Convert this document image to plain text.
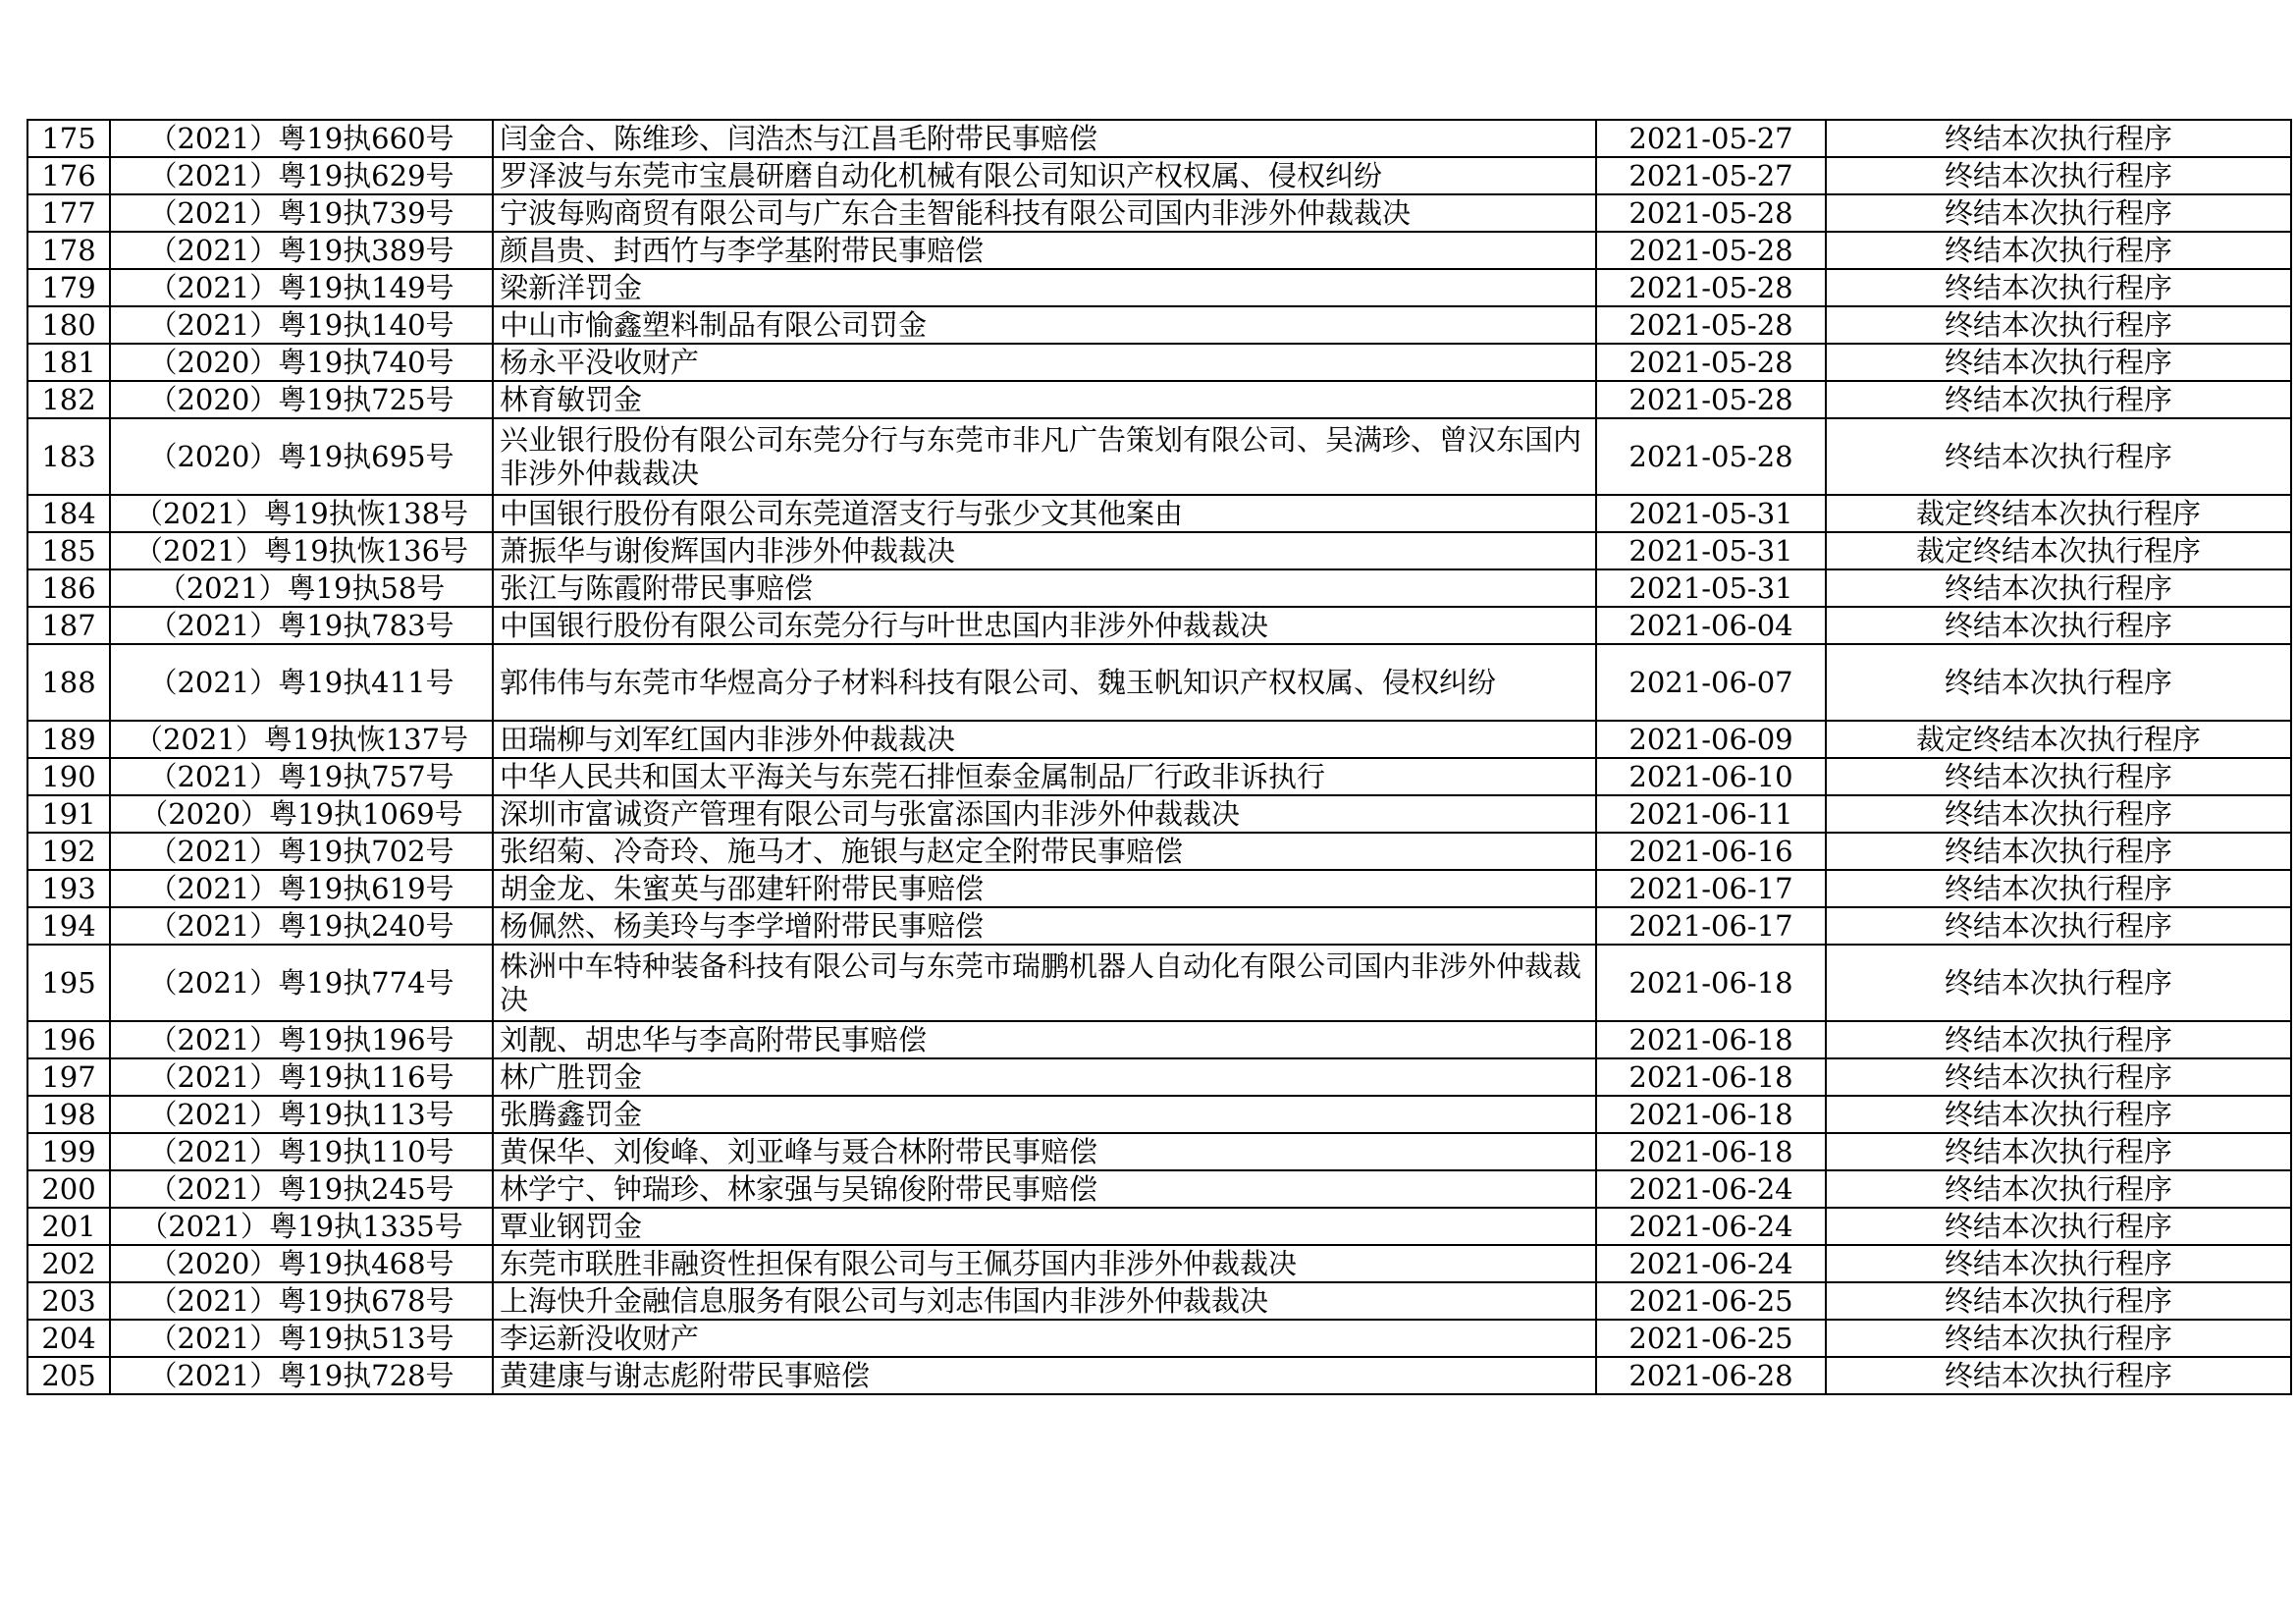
175	（2021）粤19执660号	闫金合、陈维珍、闫浩杰与江昌毛附带民事赔偿	2021-05-27	终结本次执行程序
176	（2021）粤19执629号	罗泽波与东莞市宝晨研磨自动化机械有限公司知识产权权属、侵权纠纷	2021-05-27	终结本次执行程序
177	（2021）粤19执739号	宁波每购商贸有限公司与广东合圭智能科技有限公司国内非涉外仲裁裁决	2021-05-28	终结本次执行程序
178	（2021）粤19执389号	颜昌贵、封西竹与李学基附带民事赔偿	2021-05-28	终结本次执行程序
179	（2021）粤19执149号	梁新洋罚金	2021-05-28	终结本次执行程序
180	（2021）粤19执140号	中山市愉鑫塑料制品有限公司罚金	2021-05-28	终结本次执行程序
181	（2020）粤19执740号	杨永平没收财产	2021-05-28	终结本次执行程序
182	（2020）粤19执725号	林育敏罚金	2021-05-28	终结本次执行程序
183	（2020）粤19执695号	兴业银行股份有限公司东莞分行与东莞市非凡广告策划有限公司、吴满珍、曾汉东国内非涉外仲裁裁决	2021-05-28	终结本次执行程序
184	（2021）粤19执恢138号	中国银行股份有限公司东莞道滘支行与张少文其他案由	2021-05-31	裁定终结本次执行程序
185	（2021）粤19执恢136号	萧振华与谢俊辉国内非涉外仲裁裁决	2021-05-31	裁定终结本次执行程序
186	（2021）粤19执58号	张江与陈霞附带民事赔偿	2021-05-31	终结本次执行程序
187	（2021）粤19执783号	中国银行股份有限公司东莞分行与叶世忠国内非涉外仲裁裁决	2021-06-04	终结本次执行程序
188	（2021）粤19执411号	郭伟伟与东莞市华煜高分子材料科技有限公司、魏玉帆知识产权权属、侵权纠纷	2021-06-07	终结本次执行程序
189	（2021）粤19执恢137号	田瑞柳与刘军红国内非涉外仲裁裁决	2021-06-09	裁定终结本次执行程序
190	（2021）粤19执757号	中华人民共和国太平海关与东莞石排恒泰金属制品厂行政非诉执行	2021-06-10	终结本次执行程序
191	（2020）粤19执1069号	深圳市富诚资产管理有限公司与张富添国内非涉外仲裁裁决	2021-06-11	终结本次执行程序
192	（2021）粤19执702号	张绍菊、冷奇玲、施马才、施银与赵定全附带民事赔偿	2021-06-16	终结本次执行程序
193	（2021）粤19执619号	胡金龙、朱蜜英与邵建轩附带民事赔偿	2021-06-17	终结本次执行程序
194	（2021）粤19执240号	杨佩然、杨美玲与李学增附带民事赔偿	2021-06-17	终结本次执行程序
195	（2021）粤19执774号	株洲中车特种装备科技有限公司与东莞市瑞鹏机器人自动化有限公司国内非涉外仲裁裁决	2021-06-18	终结本次执行程序
196	（2021）粤19执196号	刘靓、胡忠华与李高附带民事赔偿	2021-06-18	终结本次执行程序
197	（2021）粤19执116号	林广胜罚金	2021-06-18	终结本次执行程序
198	（2021）粤19执113号	张腾鑫罚金	2021-06-18	终结本次执行程序
199	（2021）粤19执110号	黄保华、刘俊峰、刘亚峰与聂合林附带民事赔偿	2021-06-18	终结本次执行程序
200	（2021）粤19执245号	林学宁、钟瑞珍、林家强与吴锦俊附带民事赔偿	2021-06-24	终结本次执行程序
201	（2021）粤19执1335号	覃业钢罚金	2021-06-24	终结本次执行程序
202	（2020）粤19执468号	东莞市联胜非融资性担保有限公司与王佩芬国内非涉外仲裁裁决	2021-06-24	终结本次执行程序
203	（2021）粤19执678号	上海快升金融信息服务有限公司与刘志伟国内非涉外仲裁裁决	2021-06-25	终结本次执行程序
204	（2021）粤19执513号	李运新没收财产	2021-06-25	终结本次执行程序
205	（2021）粤19执728号	黄建康与谢志彪附带民事赔偿	2021-06-28	终结本次执行程序
